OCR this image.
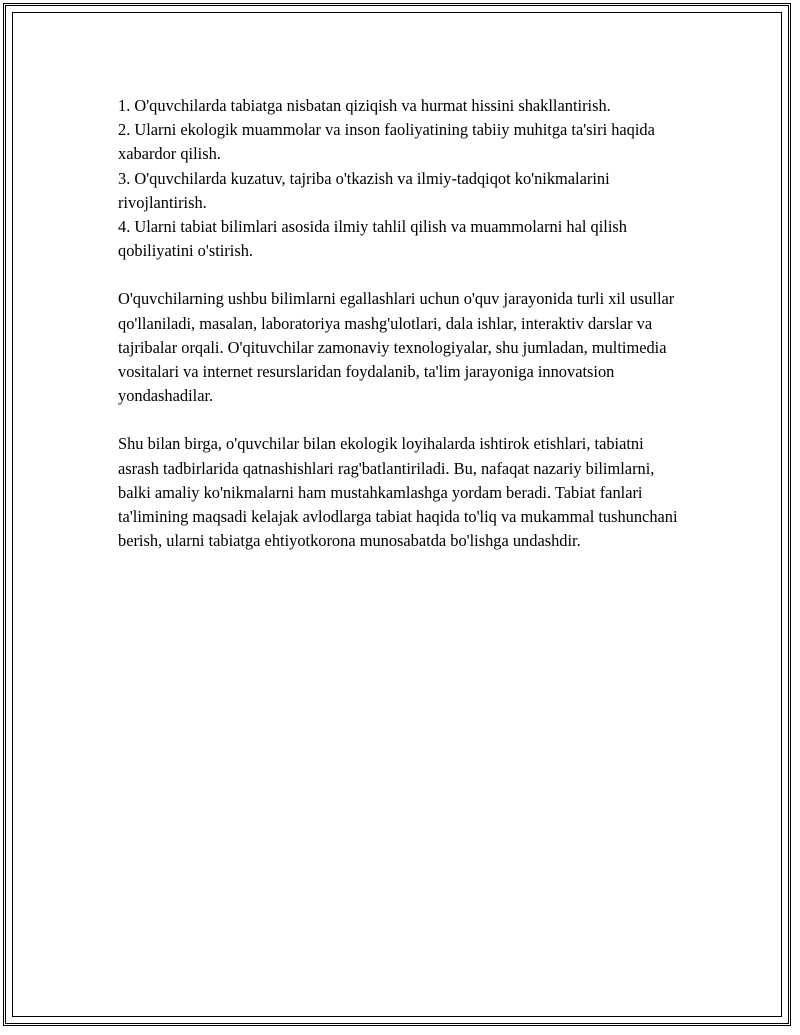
1. O'quvchilarda tabiatga nisbatan qiziqish va hurmat hissini shakllantirish.
2. Ularni ekologik muammolar va inson faoliyatining tabiiy muhitga ta'siri haqida xabardor qilish.
3. O'quvchilarda kuzatuv, tajriba o'tkazish va ilmiy-tadqiqot ko'nikmalarini rivojlantirish.
4. Ularni tabiat bilimlari asosida ilmiy tahlil qilish va muammolarni hal qilish qobiliyatini o'stirish.

O'quvchilarning ushbu bilimlarni egallashlari uchun o'quv jarayonida turli xil usullar qo'llaniladi, masalan, laboratoriya mashg'ulotlari, dala ishlar, interaktiv darslar va tajribalar orqali. O'qituvchilar zamonaviy texnologiyalar, shu jumladan, multimedia vositalari va internet resurslaridan foydalanib, ta'lim jarayoniga innovatsion yondashadilar.

Shu bilan birga, o'quvchilar bilan ekologik loyihalarda ishtirok etishlari, tabiatni asrash tadbirlarida qatnashishlari rag'batlantiriladi. Bu, nafaqat nazariy bilimlarni, balki amaliy ko'nikmalarni ham mustahkamlashga yordam beradi. Tabiat fanlari ta'limining maqsadi kelajak avlodlarga tabiat haqida to'liq va mukammal tushunchani berish, ularni tabiatga ehtiyotkorona munosabatda bo'lishga undashdir.
